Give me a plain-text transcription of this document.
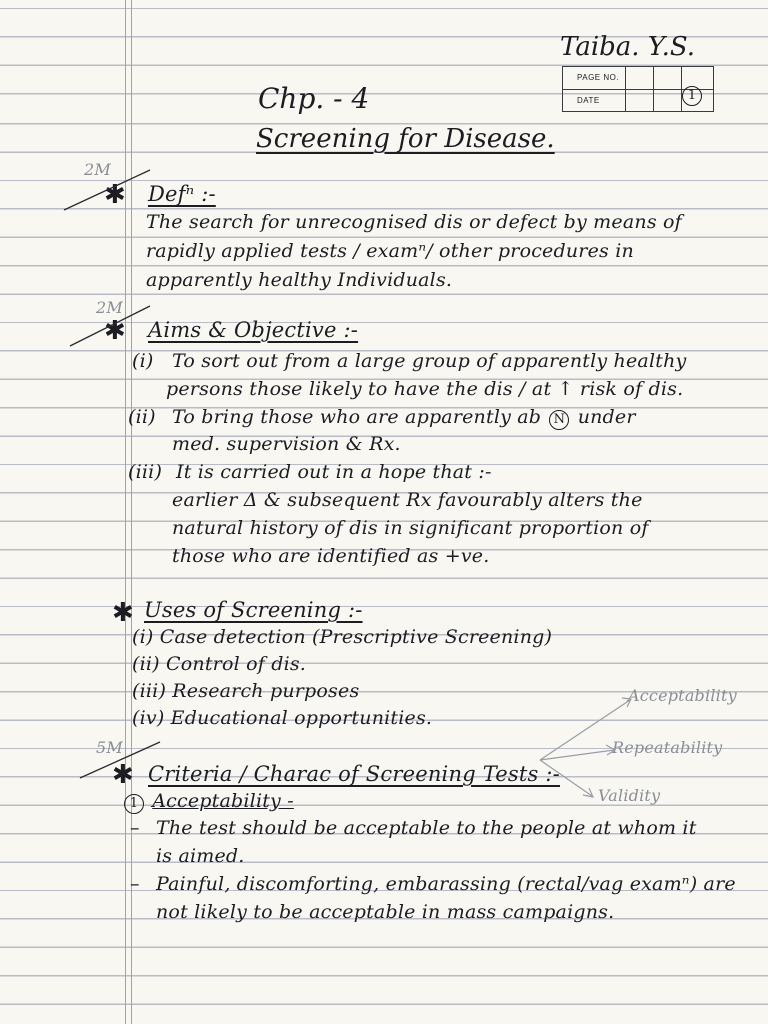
Taiba. Y.S.
PAGE NO.
DATE	1
Chp. - 4
Screening for Disease.
✱
2M
Defⁿ :-
The search for unrecognised dis or defect by means of
rapidly applied tests / examⁿ/ other procedures in
apparently healthy Individuals.
✱
2M
Aims & Objective :-
(i) To sort out from a large group of apparently healthy
persons those likely to have the dis / at ↑ risk of dis.
(ii) To bring those who are apparently ab N under
med. supervision & Rx.
(iii) It is carried out in a hope that :-
earlier Δ & subsequent Rx favourably alters the
natural history of dis in significant proportion of
those who are identified as +ve.
✱ Uses of Screening :-
(i) Case detection (Prescriptive Screening)
(ii) Control of dis.
(iii) Research purposes
(iv) Educational opportunities.
✱
5M
Criteria / Charac of Screening Tests :-
Acceptability
Repeatability
Validity
1 Acceptability -
– The test should be acceptable to the people at whom it
is aimed.
– Painful, discomforting, embarassing (rectal/vag examⁿ) are
not likely to be acceptable in mass campaigns.
